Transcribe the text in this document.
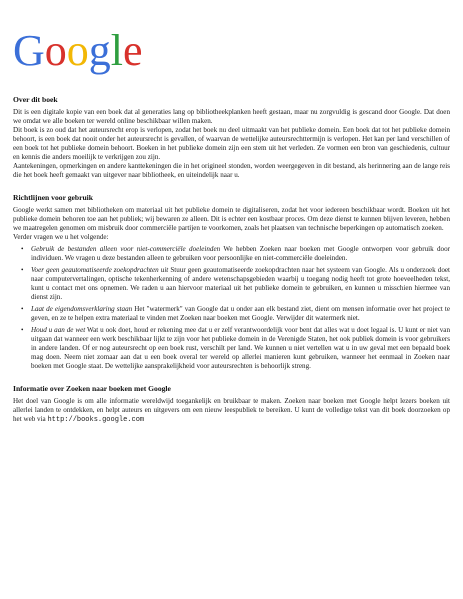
Google
Over dit boek

Dit is een digitale kopie van een boek dat al generaties lang op bibliotheekplanken heeft gestaan, maar nu zorgvuldig is gescand door Google. Dat doen we omdat we alle boeken ter wereld online beschikbaar willen maken.

Dit boek is zo oud dat het auteursrecht erop is verlopen, zodat het boek nu deel uitmaakt van het publieke domein. Een boek dat tot het publieke domein behoort, is een boek dat nooit onder het auteursrecht is gevallen, of waarvan de wettelijke auteursrechttermijn is verlopen. Het kan per land verschillen of een boek tot het publieke domein behoort. Boeken in het publieke domein zijn een stem uit het verleden. Ze vormen een bron van geschiedenis, cultuur en kennis die anders moeilijk te verkrijgen zou zijn.

Aantekeningen, opmerkingen en andere kanttekeningen die in het origineel stonden, worden weergegeven in dit bestand, als herinnering aan de lange reis die het boek heeft gemaakt van uitgever naar bibliotheek, en uiteindelijk naar u.

Richtlijnen voor gebruik

Google werkt samen met bibliotheken om materiaal uit het publieke domein te digitaliseren, zodat het voor iedereen beschikbaar wordt. Boeken uit het publieke domein behoren toe aan het publiek; wij bewaren ze alleen. Dit is echter een kostbaar proces. Om deze dienst te kunnen blijven leveren, hebben we maatregelen genomen om misbruik door commerciële partijen te voorkomen, zoals het plaatsen van technische beperkingen op automatisch zoeken.

Verder vragen we u het volgende:

• Gebruik de bestanden alleen voor niet-commerciële doeleinden We hebben Zoeken naar boeken met Google ontworpen voor gebruik door individuen. We vragen u deze bestanden alleen te gebruiken voor persoonlijke en niet-commerciële doeleinden.
• Voer geen geautomatiseerde zoekopdrachten uit Stuur geen geautomatiseerde zoekopdrachten naar het systeem van Google. Als u onderzoek doet naar computervertalingen, optische tekenherkenning of andere wetenschapsgebieden waarbij u toegang nodig heeft tot grote hoeveelheden tekst, kunt u contact met ons opnemen. We raden u aan hiervoor materiaal uit het publieke domein te gebruiken, en kunnen u misschien hiermee van dienst zijn.
• Laat de eigendomsverklaring staan Het "watermerk" van Google dat u onder aan elk bestand ziet, dient om mensen informatie over het project te geven, en ze te helpen extra materiaal te vinden met Zoeken naar boeken met Google. Verwijder dit watermerk niet.
• Houd u aan de wet Wat u ook doet, houd er rekening mee dat u er zelf verantwoordelijk voor bent dat alles wat u doet legaal is. U kunt er niet van uitgaan dat wanneer een werk beschikbaar lijkt te zijn voor het publieke domein in de Verenigde Staten, het ook publiek domein is voor gebruikers in andere landen. Of er nog auteursrecht op een boek rust, verschilt per land. We kunnen u niet vertellen wat u in uw geval met een bepaald boek mag doen. Neem niet zomaar aan dat u een boek overal ter wereld op allerlei manieren kunt gebruiken, wanneer het eenmaal in Zoeken naar boeken met Google staat. De wettelijke aansprakelijkheid voor auteursrechten is behoorlijk streng.
Informatie over Zoeken naar boeken met Google

Het doel van Google is om alle informatie wereldwijd toegankelijk en bruikbaar te maken. Zoeken naar boeken met Google helpt lezers boeken uit allerlei landen te ontdekken, en helpt auteurs en uitgevers om een nieuw leespubliek te bereiken. U kunt de volledige tekst van dit boek doorzoeken op het web via http://books.google.com
